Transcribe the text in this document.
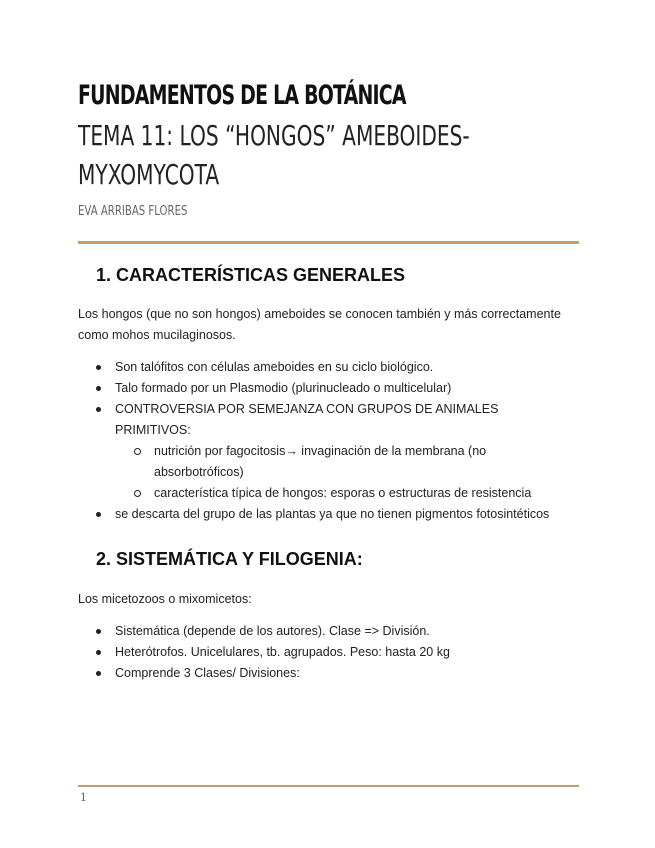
FUNDAMENTOS DE LA BOTÁNICA
TEMA 11: LOS “HONGOS” AMEBOIDES-MYXOMYCOTA
EVA ARRIBAS FLORES
1. CARACTERÍSTICAS GENERALES
Los hongos (que no son hongos) ameboides se conocen también y más correctamente como mohos mucilaginosos.
Son talófitos con células ameboides en su ciclo biológico.
Talo formado por un Plasmodio (plurinucleado o multicelular)
CONTROVERSIA POR SEMEJANZA CON GRUPOS DE ANIMALES PRIMITIVOS:
nutrición por fagocitosis→ invaginación de la membrana (no absorbotróficos)
característica típica de hongos: esporas o estructuras de resistencia
se descarta del grupo de las plantas ya que no tienen pigmentos fotosintéticos
2. SISTEMÁTICA Y FILOGENIA:
Los micetozoos o mixomicetos:
Sistemática (depende de los autores). Clase => División.
Heterótrofos. Unicelulares, tb. agrupados. Peso: hasta 20 kg
Comprende 3 Clases/ Divisiones:
1
